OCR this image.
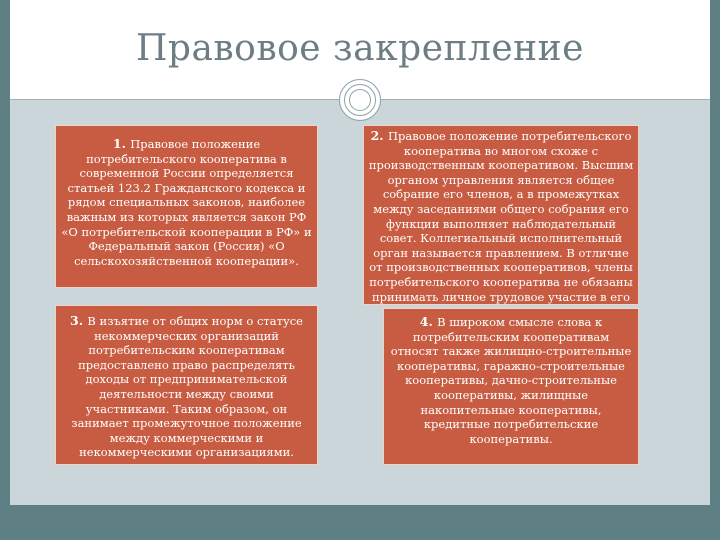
Правовое закрепление
1. Правовое положение потребительского кооператива в современной России определяется статьей 123.2 Гражданского кодекса и рядом специальных законов, наиболее важным из которых является закон РФ «О потребительской кооперации в РФ» и Федеральный закон (Россия) «О сельскохозяйственной кооперации».
2. Правовое положение потребительского кооператива во многом схоже с производственным кооперативом. Высшим органом управления является общее собрание его членов, а в промежутках между заседаниями общего собрания его функции выполняет наблюдательный совет. Коллегиальный исполнительный орган называется правлением. В отличие от производственных кооперативов, члены потребительского кооператива не обязаны принимать личное трудовое участие в его
3. В изъятие от общих норм о статусе некоммерческих организаций потребительским кооперативам предоставлено право распределять доходы от предпринимательской деятельности между своими участниками. Таким образом, он занимает промежуточное положение между коммерческими и некоммерческими организациями.
4. В широком смысле слова к потребительским кооперативам относят также жилищно-строительные кооперативы, гаражно-строительные кооперативы, дачно-строительные кооперативы, жилищные накопительные кооперативы, кредитные потребительские кооперативы.
